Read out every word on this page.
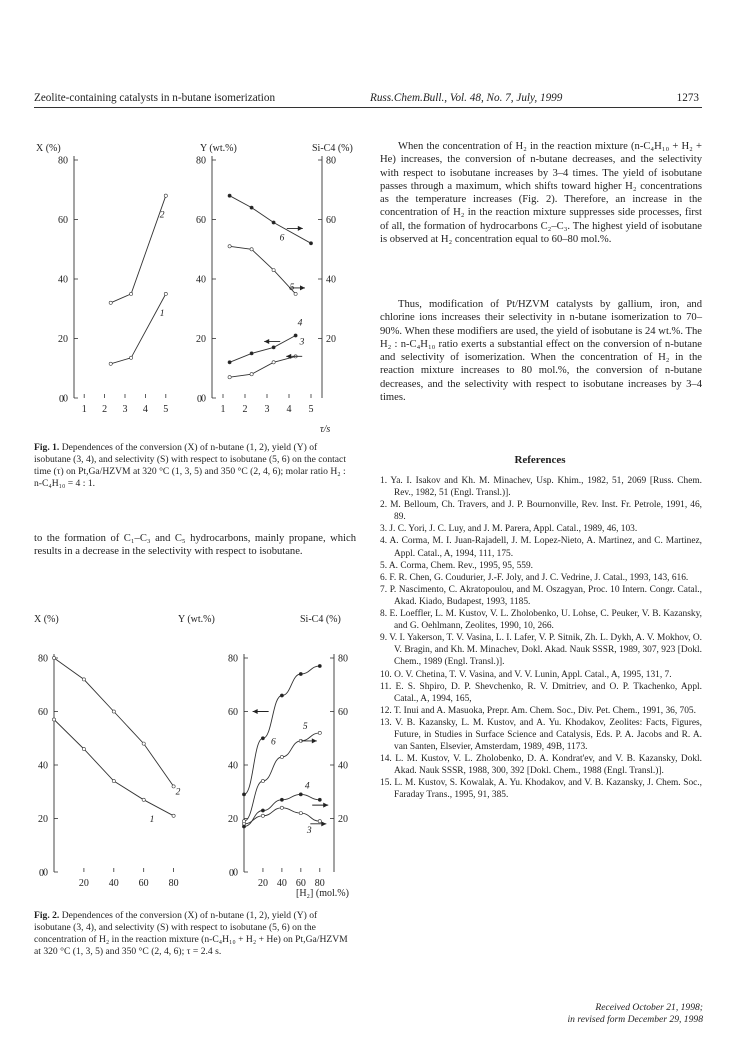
Zeolite-containing catalysts in n-butane isomerization	Russ.Chem.Bull., Vol. 48, No. 7, July, 1999	1273
0
20
40
60
80
1 2 3 4 5
0	0
20
40
60
80
20
40
60
80
1 2 3 4 5
0
1
2
3
4
5
6
X (%)	Y (wt.%)	Si-C4 (%)
τ/s
Fig. 1. Dependences of the conversion (X) of n-butane (1, 2), yield (Y) of isobutane (3, 4), and selectivity (S) with respect to isobutane (5, 6) on the contact time (τ) on Pt,Ga/HZVM at 320 °C (1, 3, 5) and 350 °C (2, 4, 6); molar ratio H₂ : n-C₄H₁₀ = 4 : 1.
to the formation of C₁–C₃ and C₅ hydrocarbons, mainly propane, which results in a decrease in the selectivity with respect to isobutane.
0
20
40
60
80
20 40 60 80
0	0
20
40
60
80
20
40
60
80
20 40 60 80
0
1
2
3
4
5
6
X (%)	Y (wt.%)	Si-C4 (%)
[H₂] (mol.%)
Fig. 2. Dependences of the conversion (X) of n-butane (1, 2), yield (Y) of isobutane (3, 4), and selectivity (S) with respect to isobutane (5, 6) on the concentration of H₂ in the reaction mixture (n-C₄H₁₀ + H₂ + He) on Pt,Ga/HZVM at 320 °C (1, 3, 5) and 350 °C (2, 4, 6); τ = 2.4 s.
When the concentration of H₂ in the reaction mixture (n-C₄H₁₀ + H₂ + He) increases, the conversion of n-butane decreases, and the selectivity with respect to isobutane increases by 3–4 times. The yield of isobutane passes through a maximum, which shifts toward higher H₂ concentrations as the temperature increases (Fig. 2). Therefore, an increase in the concentration of H₂ in the reaction mixture suppresses side processes, first of all, the formation of hydrocarbons C₂–C₃. The highest yield of isobutane is observed at H₂ concentration equal to 60–80 mol.%.
Thus, modification of Pt/HZVM catalysts by gallium, iron, and chlorine ions increases their selectivity in n-butane isomerization to 70–90%. When these modifiers are used, the yield of isobutane is 24 wt.%. The H₂ : n-C₄H₁₀ ratio exerts a substantial effect on the conversion of n-butane and selectivity of isomerization. When the concentration of H₂ in the reaction mixture increases to 80 mol.%, the conversion of n-butane decreases, and the selectivity with respect to isobutane increases by 3–4 times.
References
1. Ya. I. Isakov and Kh. M. Minachev, Usp. Khim., 1982, 51, 2069 [Russ. Chem. Rev., 1982, 51 (Engl. Transl.)].
2. M. Belloum, Ch. Travers, and J. P. Bournonville, Rev. Inst. Fr. Petrole, 1991, 46, 89.
3. J. C. Yori, J. C. Luy, and J. M. Parera, Appl. Catal., 1989, 46, 103.
4. A. Corma, M. I. Juan-Rajadell, J. M. Lopez-Nieto, A. Martinez, and C. Martinez, Appl. Catal., A, 1994, 111, 175.
5. A. Corma, Chem. Rev., 1995, 95, 559.
6. F. R. Chen, G. Coudurier, J.-F. Joly, and J. C. Vedrine, J. Catal., 1993, 143, 616.
7. P. Nascimento, C. Akratopoulou, and M. Oszagyan, Proc. 10 Intern. Congr. Catal., Akad. Kiado, Budapest, 1993, 1185.
8. E. Loeffler, L. M. Kustov, V. L. Zholobenko, U. Lohse, C. Peuker, V. B. Kazansky, and G. Oehlmann, Zeolites, 1990, 10, 266.
9. V. I. Yakerson, T. V. Vasina, L. I. Lafer, V. P. Sitnik, Zh. L. Dykh, A. V. Mokhov, O. V. Bragin, and Kh. M. Minachev, Dokl. Akad. Nauk SSSR, 1989, 307, 923 [Dokl. Chem., 1989 (Engl. Transl.)].
10. O. V. Chetina, T. V. Vasina, and V. V. Lunin, Appl. Catal., A, 1995, 131, 7.
11. E. S. Shpiro, D. P. Shevchenko, R. V. Dmitriev, and O. P. Tkachenko, Appl. Catal., A, 1994, 165,
12. T. Inui and A. Masuoka, Prepr. Am. Chem. Soc., Div. Pet. Chem., 1991, 36, 705.
13. V. B. Kazansky, L. M. Kustov, and A. Yu. Khodakov, Zeolites: Facts, Figures, Future, in Studies in Surface Science and Catalysis, Eds. P. A. Jacobs and R. A. van Santen, Elsevier, Amsterdam, 1989, 49B, 1173.
14. L. M. Kustov, V. L. Zholobenko, D. A. Kondrat'ev, and V. B. Kazansky, Dokl. Akad. Nauk SSSR, 1988, 300, 392 [Dokl. Chem., 1988 (Engl. Transl.)].
15. L. M. Kustov, S. Kowalak, A. Yu. Khodakov, and V. B. Kazansky, J. Chem. Soc., Faraday Trans., 1995, 91, 385.
Received October 21, 1998;
in revised form December 29, 1998
